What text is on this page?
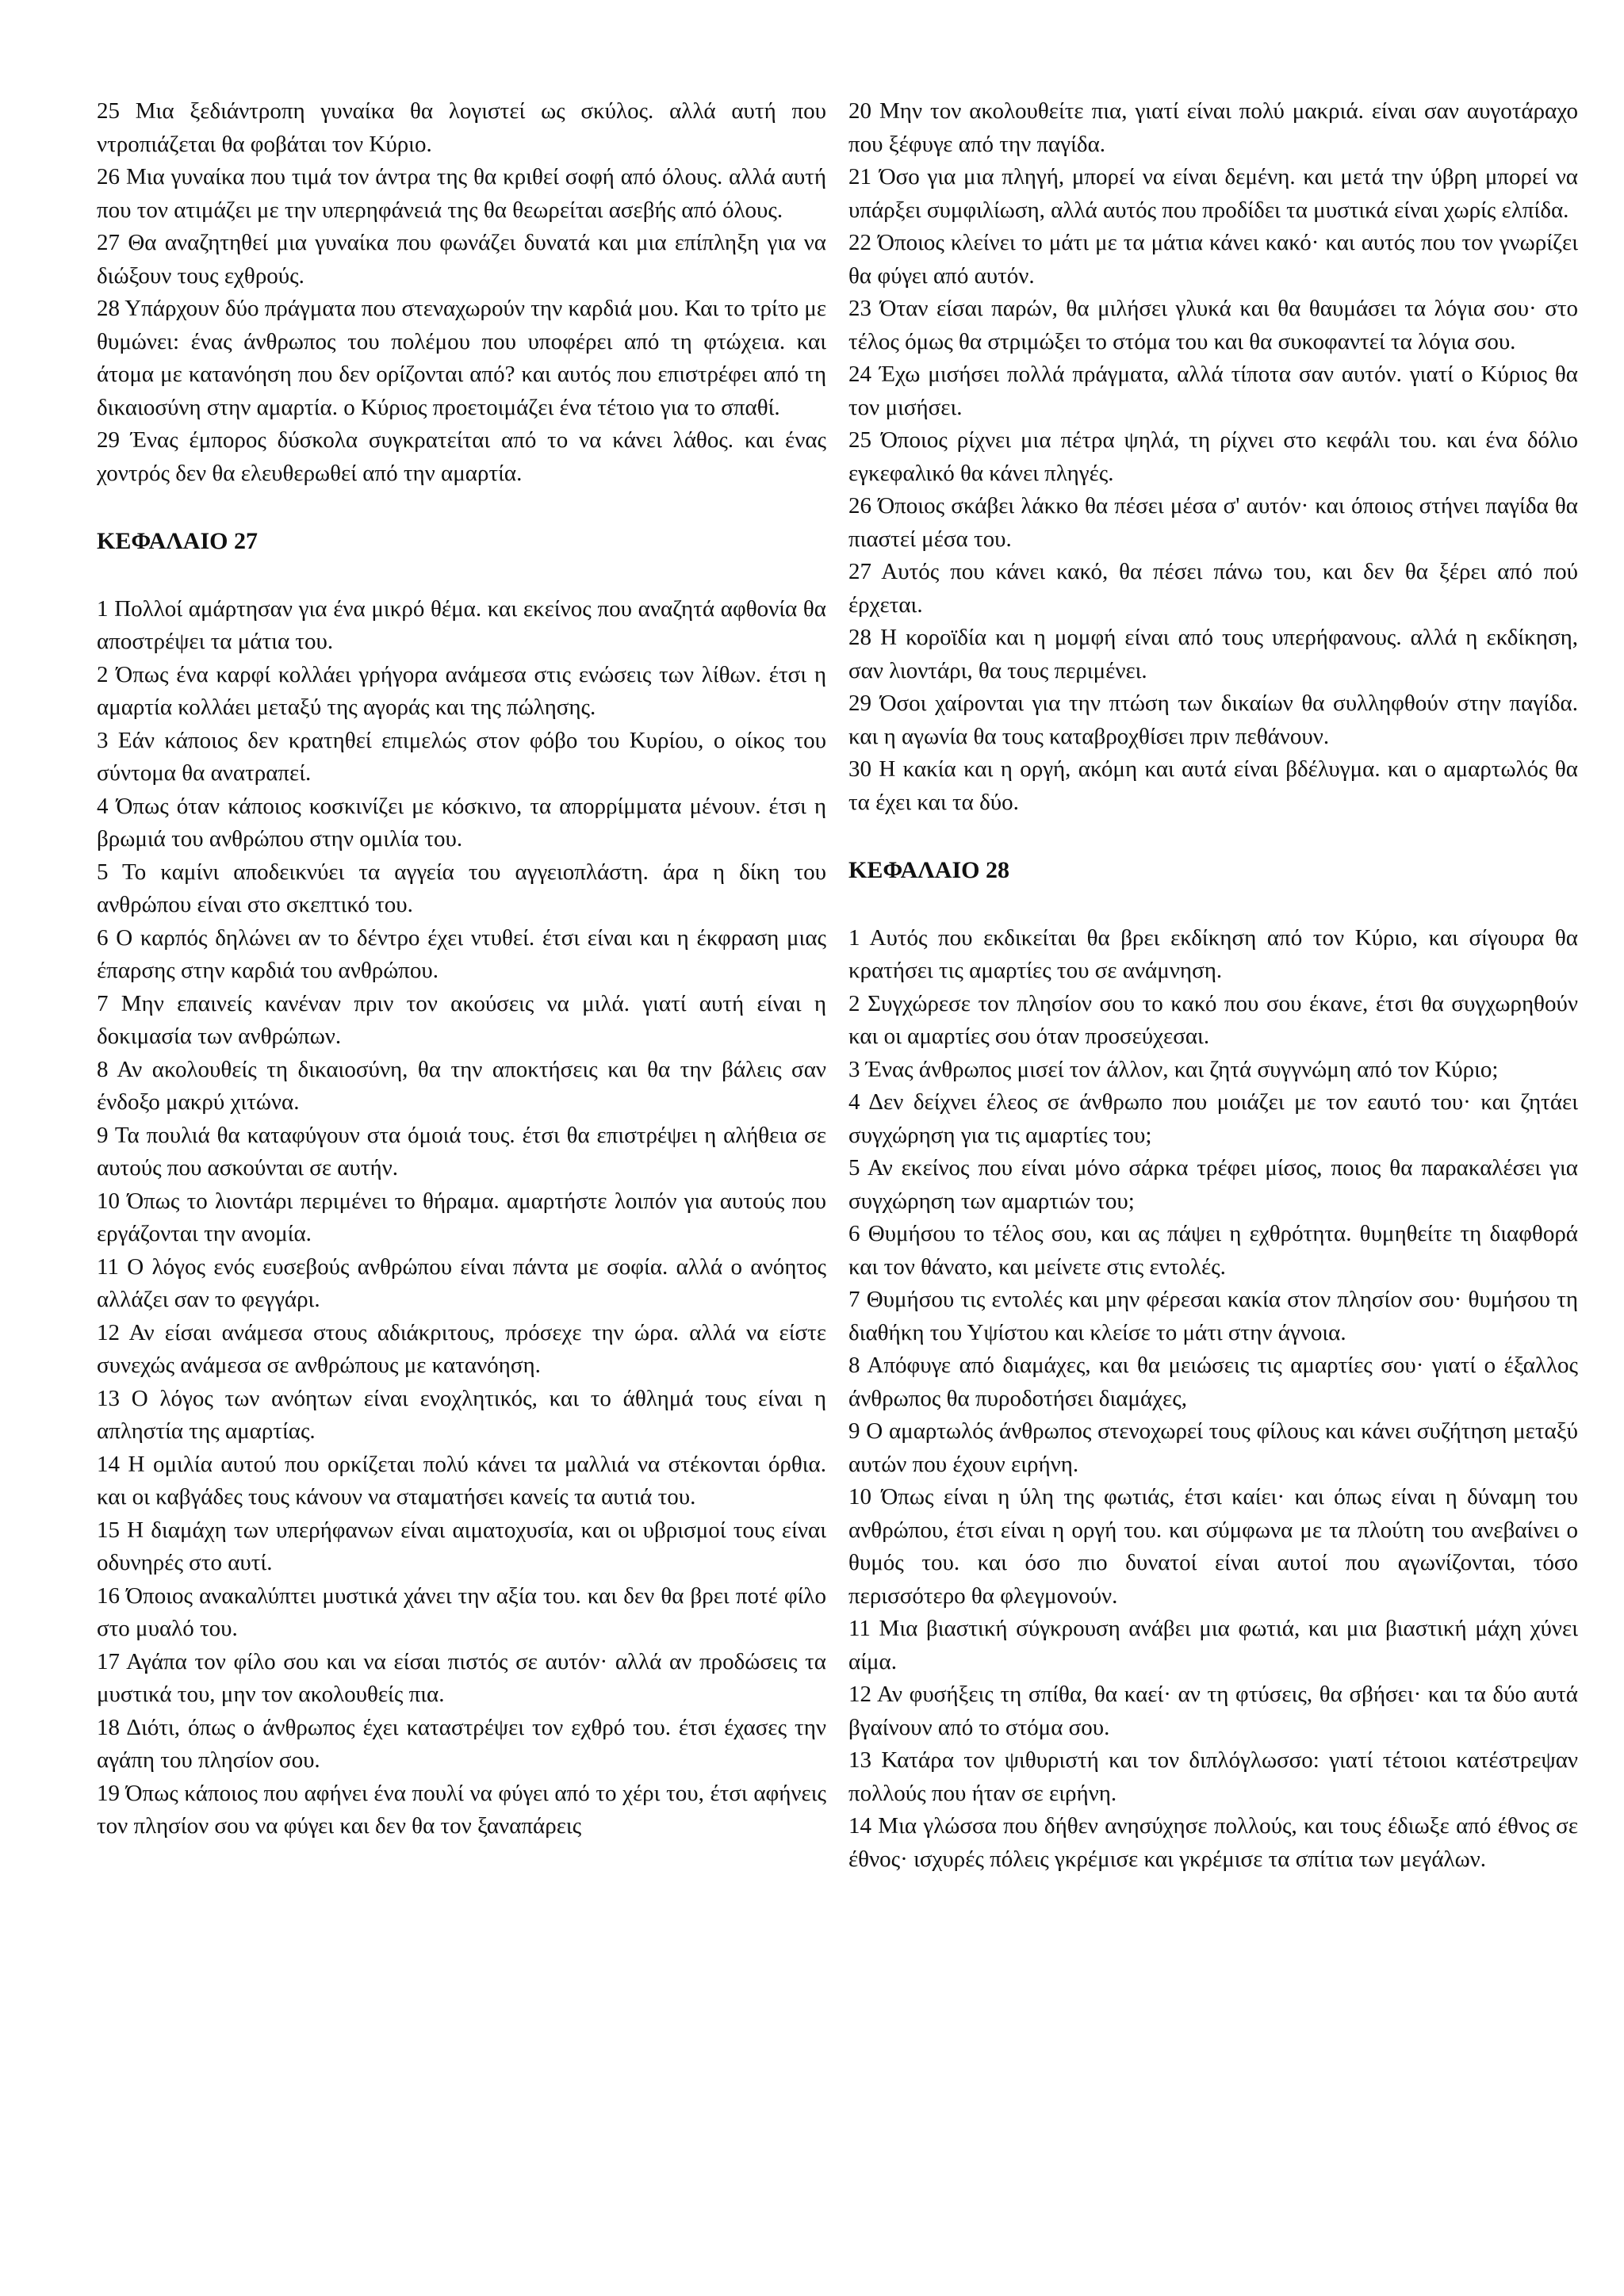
25 Μια ξεδιάντροπη γυναίκα θα λογιστεί ως σκύλος. αλλά αυτή που ντροπιάζεται θα φοβάται τον Κύριο.

26 Μια γυναίκα που τιμά τον άντρα της θα κριθεί σοφή από όλους. αλλά αυτή που τον ατιμάζει με την υπερηφάνειά της θα θεωρείται ασεβής από όλους.

27 Θα αναζητηθεί μια γυναίκα που φωνάζει δυνατά και μια επίπληξη για να διώξουν τους εχθρούς.

28 Υπάρχουν δύο πράγματα που στεναχωρούν την καρδιά μου. Και το τρίτο με θυμώνει: ένας άνθρωπος του πολέμου που υποφέρει από τη φτώχεια. και άτομα με κατανόηση που δεν ορίζονται από? και αυτός που επιστρέφει από τη δικαιοσύνη στην αμαρτία. ο Κύριος προετοιμάζει ένα τέτοιο για το σπαθί.

29 Ένας έμπορος δύσκολα συγκρατείται από το να κάνει λάθος. και ένας χοντρός δεν θα ελευθερωθεί από την αμαρτία.

ΚΕΦΑΛΑΙΟ 27

1 Πολλοί αμάρτησαν για ένα μικρό θέμα. και εκείνος που αναζητά αφθονία θα αποστρέψει τα μάτια του.

2 Όπως ένα καρφί κολλάει γρήγορα ανάμεσα στις ενώσεις των λίθων. έτσι η αμαρτία κολλάει μεταξύ της αγοράς και της πώλησης.

3 Εάν κάποιος δεν κρατηθεί επιμελώς στον φόβο του Κυρίου, ο οίκος του σύντομα θα ανατραπεί.

4 Όπως όταν κάποιος κοσκινίζει με κόσκινο, τα απορρίμματα μένουν. έτσι η βρωμιά του ανθρώπου στην ομιλία του.

5 Το καμίνι αποδεικνύει τα αγγεία του αγγειοπλάστη. άρα η δίκη του ανθρώπου είναι στο σκεπτικό του.

6 Ο καρπός δηλώνει αν το δέντρο έχει ντυθεί. έτσι είναι και η έκφραση μιας έπαρσης στην καρδιά του ανθρώπου.

7 Μην επαινείς κανέναν πριν τον ακούσεις να μιλά. γιατί αυτή είναι η δοκιμασία των ανθρώπων.

8 Αν ακολουθείς τη δικαιοσύνη, θα την αποκτήσεις και θα την βάλεις σαν ένδοξο μακρύ χιτώνα.

9 Τα πουλιά θα καταφύγουν στα όμοιά τους. έτσι θα επιστρέψει η αλήθεια σε αυτούς που ασκούνται σε αυτήν.

10 Όπως το λιοντάρι περιμένει το θήραμα. αμαρτήστε λοιπόν για αυτούς που εργάζονται την ανομία.

11 Ο λόγος ενός ευσεβούς ανθρώπου είναι πάντα με σοφία. αλλά ο ανόητος αλλάζει σαν το φεγγάρι.

12 Αν είσαι ανάμεσα στους αδιάκριτους, πρόσεχε την ώρα. αλλά να είστε συνεχώς ανάμεσα σε ανθρώπους με κατανόηση.

13 Ο λόγος των ανόητων είναι ενοχλητικός, και το άθλημά τους είναι η απληστία της αμαρτίας.

14 Η ομιλία αυτού που ορκίζεται πολύ κάνει τα μαλλιά να στέκονται όρθια. και οι καβγάδες τους κάνουν να σταματήσει κανείς τα αυτιά του.

15 Η διαμάχη των υπερήφανων είναι αιματοχυσία, και οι υβρισμοί τους είναι οδυνηρές στο αυτί.

16 Όποιος ανακαλύπτει μυστικά χάνει την αξία του. και δεν θα βρει ποτέ φίλο στο μυαλό του.

17 Αγάπα τον φίλο σου και να είσαι πιστός σε αυτόν· αλλά αν προδώσεις τα μυστικά του, μην τον ακολουθείς πια.

18 Διότι, όπως ο άνθρωπος έχει καταστρέψει τον εχθρό του. έτσι έχασες την αγάπη του πλησίον σου.

19 Όπως κάποιος που αφήνει ένα πουλί να φύγει από το χέρι του, έτσι αφήνεις τον πλησίον σου να φύγει και δεν θα τον ξαναπάρεις

20 Μην τον ακολουθείτε πια, γιατί είναι πολύ μακριά. είναι σαν αυγοτάραχο που ξέφυγε από την παγίδα.

21 Όσο για μια πληγή, μπορεί να είναι δεμένη. και μετά την ύβρη μπορεί να υπάρξει συμφιλίωση, αλλά αυτός που προδίδει τα μυστικά είναι χωρίς ελπίδα.

22 Όποιος κλείνει το μάτι με τα μάτια κάνει κακό· και αυτός που τον γνωρίζει θα φύγει από αυτόν.

23 Όταν είσαι παρών, θα μιλήσει γλυκά και θα θαυμάσει τα λόγια σου· στο τέλος όμως θα στριμώξει το στόμα του και θα συκοφαντεί τα λόγια σου.

24 Έχω μισήσει πολλά πράγματα, αλλά τίποτα σαν αυτόν. γιατί ο Κύριος θα τον μισήσει.

25 Όποιος ρίχνει μια πέτρα ψηλά, τη ρίχνει στο κεφάλι του. και ένα δόλιο εγκεφαλικό θα κάνει πληγές.

26 Όποιος σκάβει λάκκο θα πέσει μέσα σ' αυτόν· και όποιος στήνει παγίδα θα πιαστεί μέσα του.

27 Αυτός που κάνει κακό, θα πέσει πάνω του, και δεν θα ξέρει από πού έρχεται.

28 Η κοροϊδία και η μομφή είναι από τους υπερήφανους. αλλά η εκδίκηση, σαν λιοντάρι, θα τους περιμένει.

29 Όσοι χαίρονται για την πτώση των δικαίων θα συλληφθούν στην παγίδα. και η αγωνία θα τους καταβροχθίσει πριν πεθάνουν.

30 Η κακία και η οργή, ακόμη και αυτά είναι βδέλυγμα. και ο αμαρτωλός θα τα έχει και τα δύο.

ΚΕΦΑΛΑΙΟ 28

1 Αυτός που εκδικείται θα βρει εκδίκηση από τον Κύριο, και σίγουρα θα κρατήσει τις αμαρτίες του σε ανάμνηση.

2 Συγχώρεσε τον πλησίον σου το κακό που σου έκανε, έτσι θα συγχωρηθούν και οι αμαρτίες σου όταν προσεύχεσαι.

3 Ένας άνθρωπος μισεί τον άλλον, και ζητά συγγνώμη από τον Κύριο;

4 Δεν δείχνει έλεος σε άνθρωπο που μοιάζει με τον εαυτό του· και ζητάει συγχώρηση για τις αμαρτίες του;

5 Αν εκείνος που είναι μόνο σάρκα τρέφει μίσος, ποιος θα παρακαλέσει για συγχώρηση των αμαρτιών του;

6 Θυμήσου το τέλος σου, και ας πάψει η εχθρότητα. θυμηθείτε τη διαφθορά και τον θάνατο, και μείνετε στις εντολές.

7 Θυμήσου τις εντολές και μην φέρεσαι κακία στον πλησίον σου· θυμήσου τη διαθήκη του Υψίστου και κλείσε το μάτι στην άγνοια.

8 Απόφυγε από διαμάχες, και θα μειώσεις τις αμαρτίες σου· γιατί ο έξαλλος άνθρωπος θα πυροδοτήσει διαμάχες,

9 Ο αμαρτωλός άνθρωπος στενοχωρεί τους φίλους και κάνει συζήτηση μεταξύ αυτών που έχουν ειρήνη.

10 Όπως είναι η ύλη της φωτιάς, έτσι καίει· και όπως είναι η δύναμη του ανθρώπου, έτσι είναι η οργή του. και σύμφωνα με τα πλούτη του ανεβαίνει ο θυμός του. και όσο πιο δυνατοί είναι αυτοί που αγωνίζονται, τόσο περισσότερο θα φλεγμονούν.

11 Μια βιαστική σύγκρουση ανάβει μια φωτιά, και μια βιαστική μάχη χύνει αίμα.

12 Αν φυσήξεις τη σπίθα, θα καεί· αν τη φτύσεις, θα σβήσει· και τα δύο αυτά βγαίνουν από το στόμα σου.

13 Κατάρα τον ψιθυριστή και τον διπλόγλωσσο: γιατί τέτοιοι κατέστρεψαν πολλούς που ήταν σε ειρήνη.

14 Μια γλώσσα που δήθεν ανησύχησε πολλούς, και τους έδιωξε από έθνος σε έθνος· ισχυρές πόλεις γκρέμισε και γκρέμισε τα σπίτια των μεγάλων.
